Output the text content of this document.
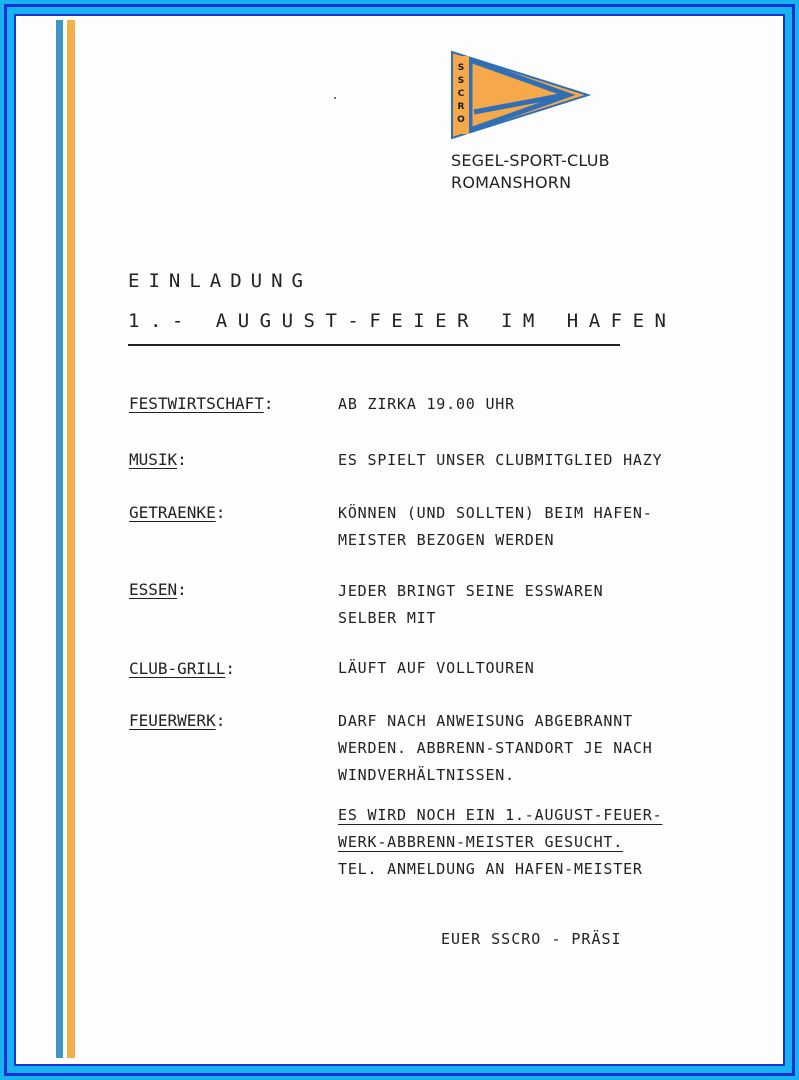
S S C R O
SEGEL-SPORT-CLUB
ROMANSHORN
EINLADUNG
1.- AUGUST-FEIER IM HAFEN
FESTWIRTSCHAFT:	AB ZIRKA 19.00 UHR
MUSIK:	ES SPIELT UNSER CLUBMITGLIED HAZY
GETRAENKE:	KÖNNEN (UND SOLLTEN) BEIM HAFEN-
MEISTER BEZOGEN WERDEN
ESSEN:	JEDER BRINGT SEINE ESSWAREN
SELBER MIT
CLUB-GRILL:	LÄUFT AUF VOLLTOUREN
FEUERWERK:	DARF NACH ANWEISUNG ABGEBRANNT
WERDEN. ABBRENN-STANDORT JE NACH
WINDVERHÄLTNISSEN.
ES WIRD NOCH EIN 1.-AUGUST-FEUER-
WERK-ABBRENN-MEISTER GESUCHT.
TEL. ANMELDUNG AN HAFEN-MEISTER
EUER SSCRO - PRÄSI
